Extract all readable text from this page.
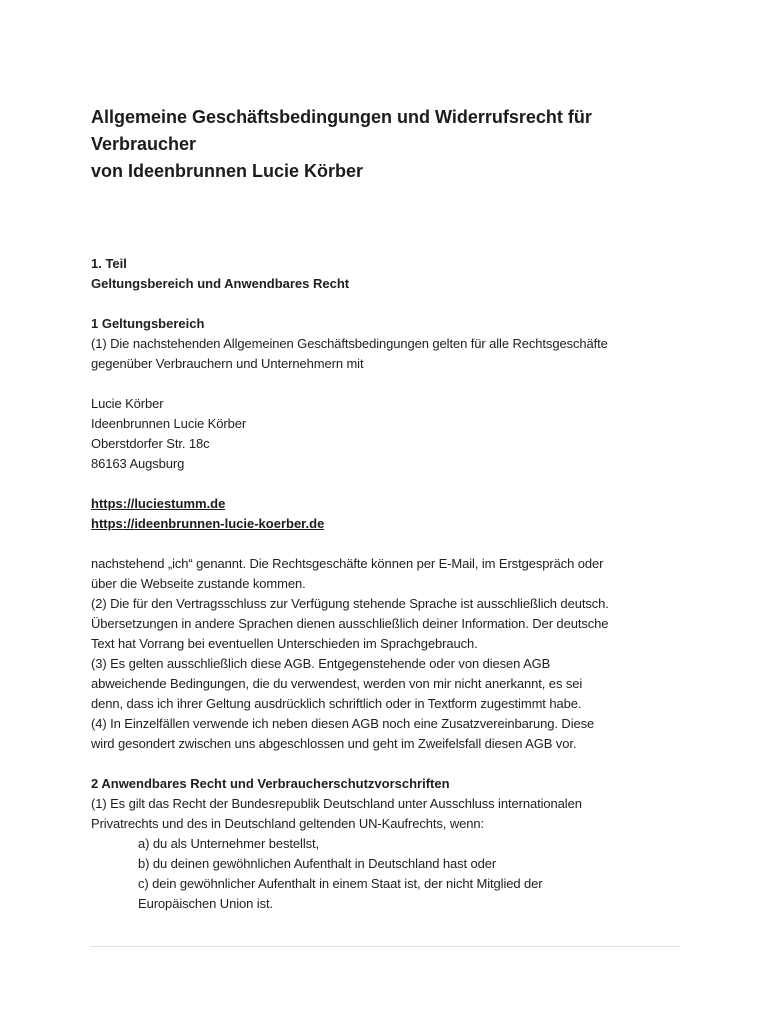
Allgemeine Geschäftsbedingungen und Widerrufsrecht für
Verbraucher
von Ideenbrunnen Lucie Körber
1. Teil
Geltungsbereich und Anwendbares Recht
1 Geltungsbereich
(1) Die nachstehenden Allgemeinen Geschäftsbedingungen gelten für alle Rechtsgeschäfte
gegenüber Verbrauchern und Unternehmern mit
Lucie Körber
Ideenbrunnen Lucie Körber
Oberstdorfer Str. 18c
86163 Augsburg
https://luciestumm.de
https://ideenbrunnen-lucie-koerber.de
nachstehend „ich“ genannt. Die Rechtsgeschäfte können per E-Mail, im Erstgespräch oder
über die Webseite zustande kommen.
(2) Die für den Vertragsschluss zur Verfügung stehende Sprache ist ausschließlich deutsch.
Übersetzungen in andere Sprachen dienen ausschließlich deiner Information. Der deutsche
Text hat Vorrang bei eventuellen Unterschieden im Sprachgebrauch.
(3) Es gelten ausschließlich diese AGB. Entgegenstehende oder von diesen AGB
abweichende Bedingungen, die du verwendest, werden von mir nicht anerkannt, es sei
denn, dass ich ihrer Geltung ausdrücklich schriftlich oder in Textform zugestimmt habe.
(4) In Einzelfällen verwende ich neben diesen AGB noch eine Zusatzvereinbarung. Diese
wird gesondert zwischen uns abgeschlossen und geht im Zweifelsfall diesen AGB vor.
2 Anwendbares Recht und Verbraucherschutzvorschriften
(1) Es gilt das Recht der Bundesrepublik Deutschland unter Ausschluss internationalen
Privatrechts und des in Deutschland geltenden UN-Kaufrechts, wenn:
a) du als Unternehmer bestellst,
b) du deinen gewöhnlichen Aufenthalt in Deutschland hast oder
c) dein gewöhnlicher Aufenthalt in einem Staat ist, der nicht Mitglied der
Europäischen Union ist.
